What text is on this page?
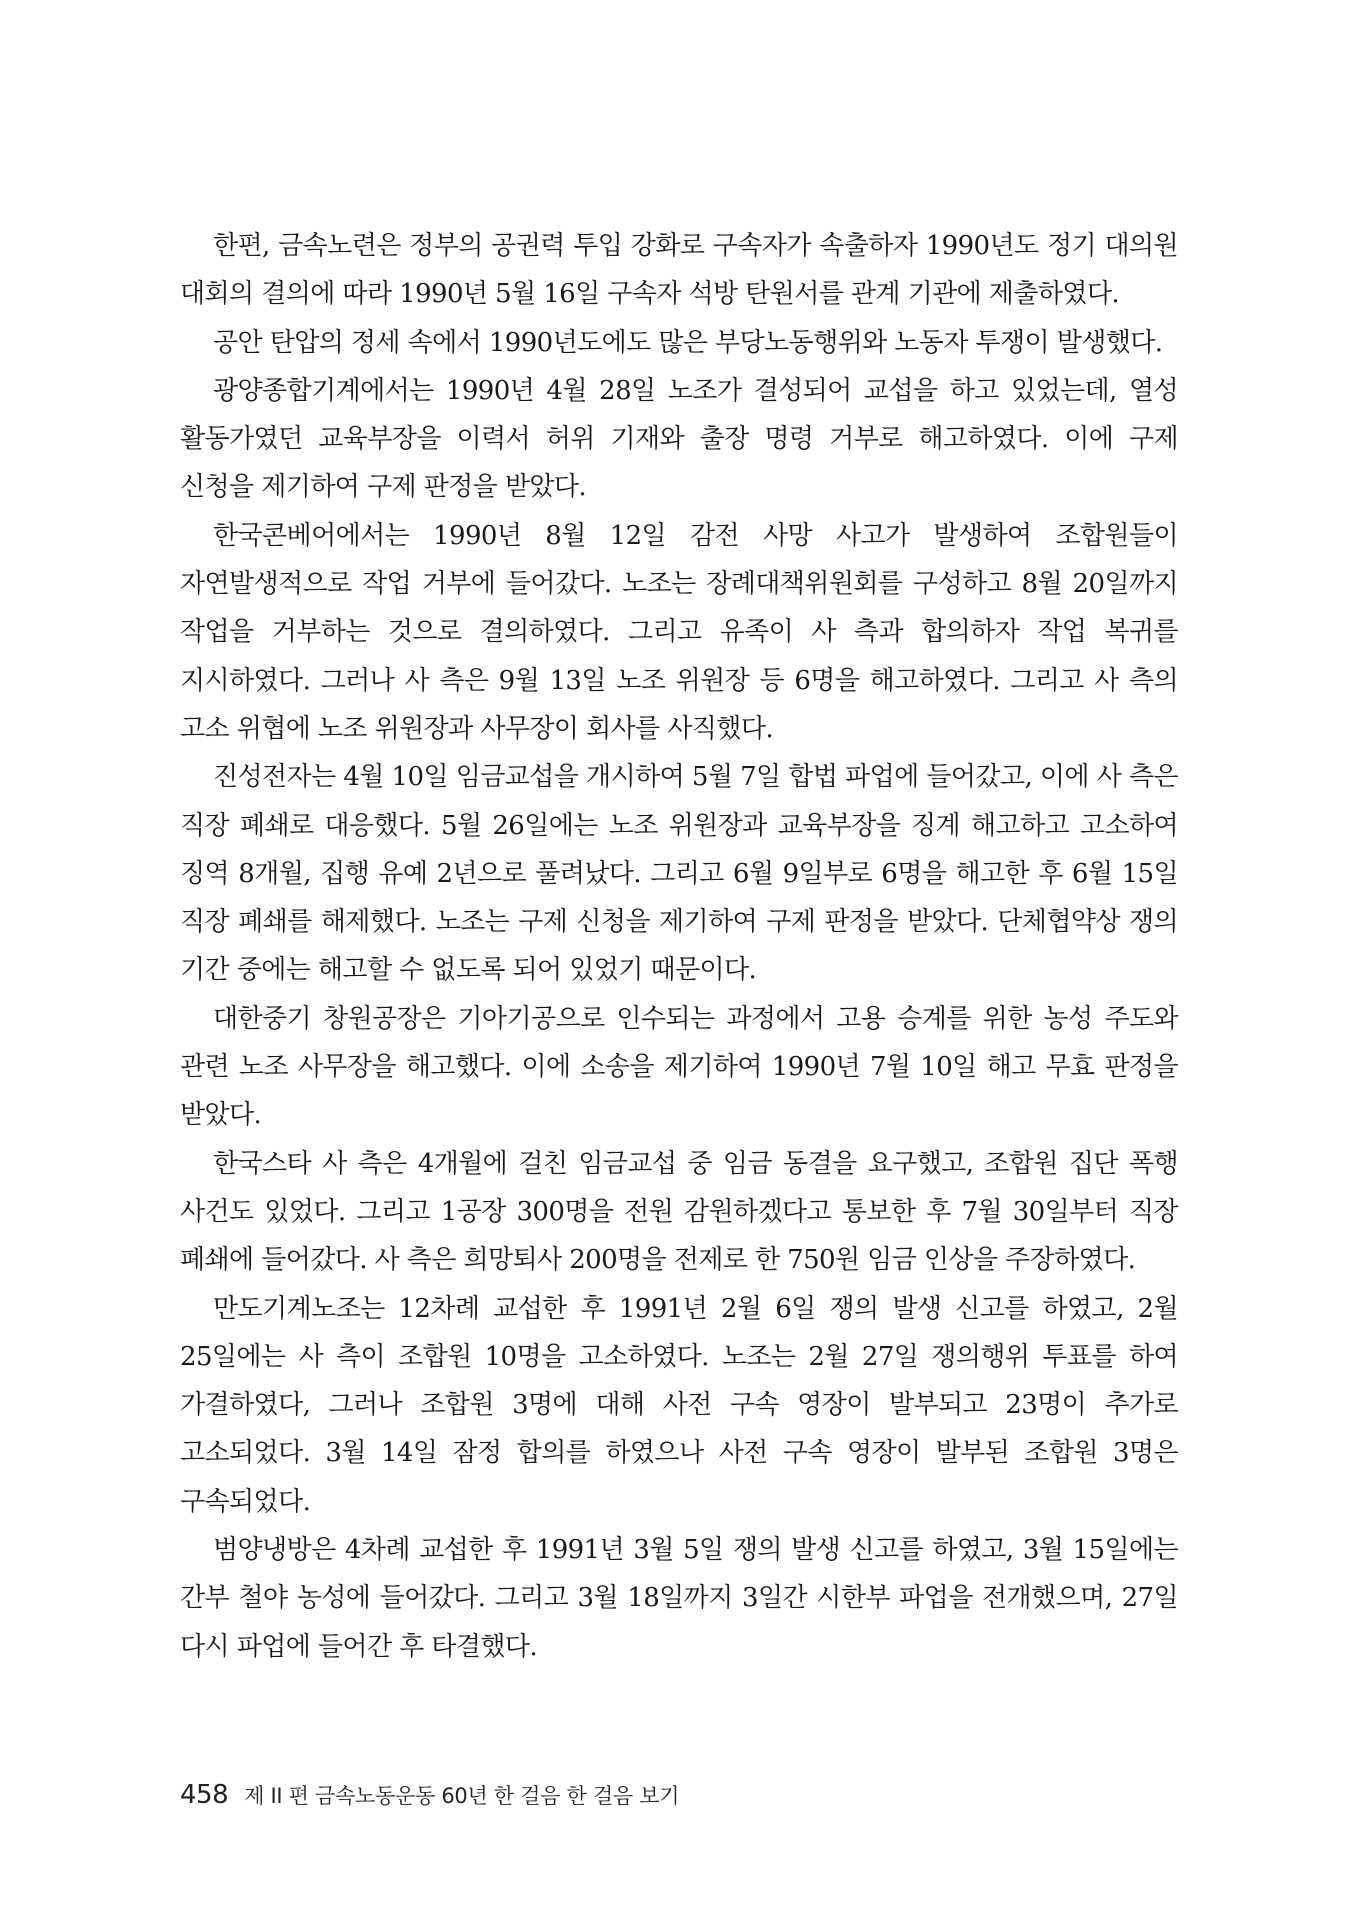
한편, 금속노련은 정부의 공권력 투입 강화로 구속자가 속출하자 1990년도 정기 대의원 대회의 결의에 따라 1990년 5월 16일 구속자 석방 탄원서를 관계 기관에 제출하였다.

공안 탄압의 정세 속에서 1990년도에도 많은 부당노동행위와 노동자 투쟁이 발생했다.

광양종합기계에서는 1990년 4월 28일 노조가 결성되어 교섭을 하고 있었는데, 열성 활동가였던 교육부장을 이력서 허위 기재와 출장 명령 거부로 해고하였다. 이에 구제 신청을 제기하여 구제 판정을 받았다.

한국콘베어에서는 1990년 8월 12일 감전 사망 사고가 발생하여 조합원들이 자연발생적으로 작업 거부에 들어갔다. 노조는 장례대책위원회를 구성하고 8월 20일까지 작업을 거부하는 것으로 결의하였다. 그리고 유족이 사 측과 합의하자 작업 복귀를 지시하였다. 그러나 사 측은 9월 13일 노조 위원장 등 6명을 해고하였다. 그리고 사 측의 고소 위협에 노조 위원장과 사무장이 회사를 사직했다.

진성전자는 4월 10일 임금교섭을 개시하여 5월 7일 합법 파업에 들어갔고, 이에 사 측은 직장 폐쇄로 대응했다. 5월 26일에는 노조 위원장과 교육부장을 징계 해고하고 고소하여 징역 8개월, 집행 유예 2년으로 풀려났다. 그리고 6월 9일부로 6명을 해고한 후 6월 15일 직장 폐쇄를 해제했다. 노조는 구제 신청을 제기하여 구제 판정을 받았다. 단체협약상 쟁의 기간 중에는 해고할 수 없도록 되어 있었기 때문이다.

대한중기 창원공장은 기아기공으로 인수되는 과정에서 고용 승계를 위한 농성 주도와 관련 노조 사무장을 해고했다. 이에 소송을 제기하여 1990년 7월 10일 해고 무효 판정을 받았다.

한국스타 사 측은 4개월에 걸친 임금교섭 중 임금 동결을 요구했고, 조합원 집단 폭행 사건도 있었다. 그리고 1공장 300명을 전원 감원하겠다고 통보한 후 7월 30일부터 직장 폐쇄에 들어갔다. 사 측은 희망퇴사 200명을 전제로 한 750원 임금 인상을 주장하였다.

만도기계노조는 12차례 교섭한 후 1991년 2월 6일 쟁의 발생 신고를 하였고, 2월 25일에는 사 측이 조합원 10명을 고소하였다. 노조는 2월 27일 쟁의행위 투표를 하여 가결하였다, 그러나 조합원 3명에 대해 사전 구속 영장이 발부되고 23명이 추가로 고소되었다. 3월 14일 잠정 합의를 하였으나 사전 구속 영장이 발부된 조합원 3명은 구속되었다.

범양냉방은 4차례 교섭한 후 1991년 3월 5일 쟁의 발생 신고를 하였고, 3월 15일에는 간부 철야 농성에 들어갔다. 그리고 3월 18일까지 3일간 시한부 파업을 전개했으며, 27일 다시 파업에 들어간 후 타결했다.

458 제 II 편 금속노동운동 60년 한 걸음 한 걸음 보기
